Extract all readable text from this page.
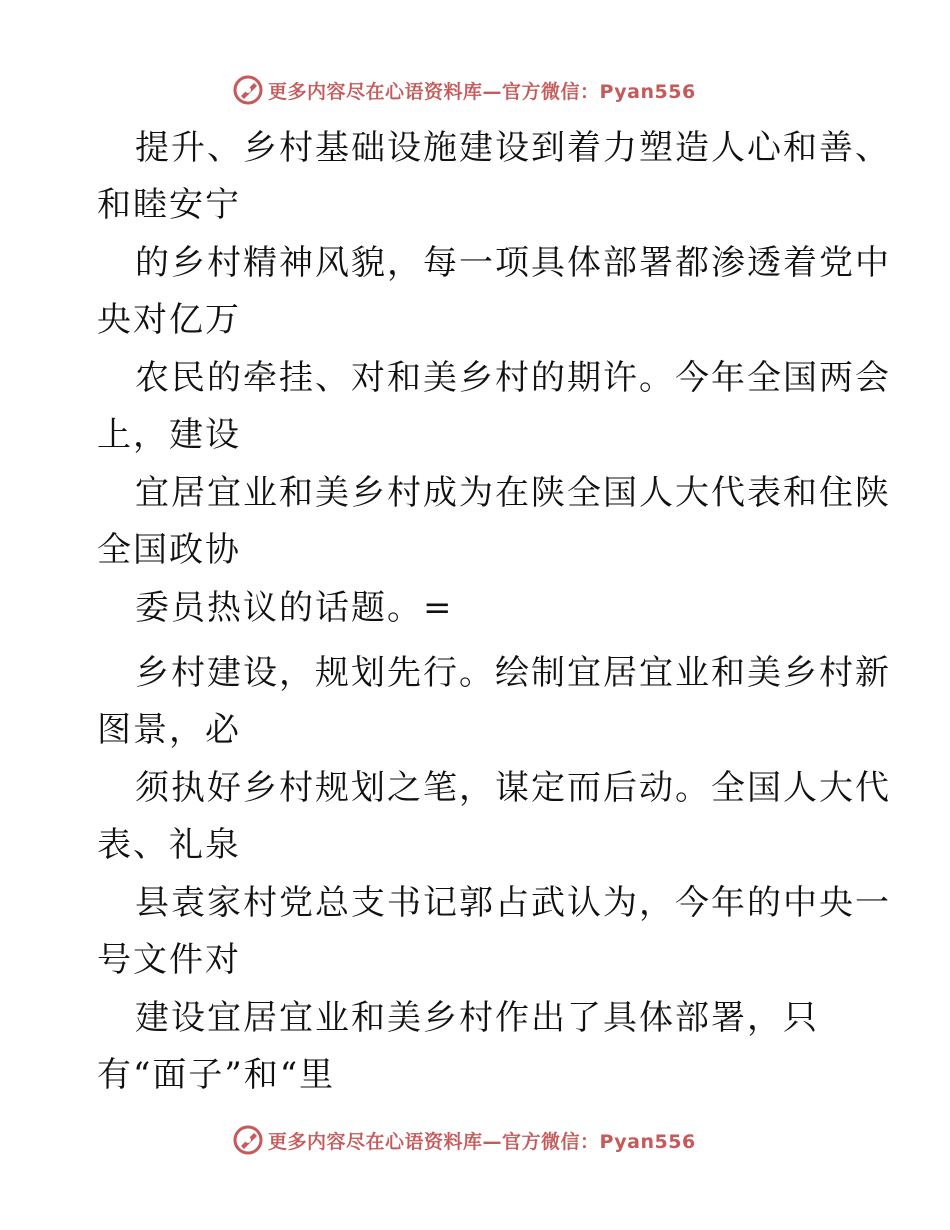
更多内容尽在心语资料库—官方微信：Pyan556
提升、乡村基础设施建设到着力塑造人心和善、
和睦安宁
的乡村精神风貌，每一项具体部署都渗透着党中
央对亿万
农民的牵挂、对和美乡村的期许。今年全国两会
上，建设
宜居宜业和美乡村成为在陕全国人大代表和住陕
全国政协
委员热议的话题。=
乡村建设，规划先行。绘制宜居宜业和美乡村新
图景，必
须执好乡村规划之笔，谋定而后动。全国人大代
表、礼泉
县袁家村党总支书记郭占武认为，今年的中央一
号文件对
建设宜居宜业和美乡村作出了具体部署，只
有“面子”和“里
更多内容尽在心语资料库—官方微信：Pyan556
